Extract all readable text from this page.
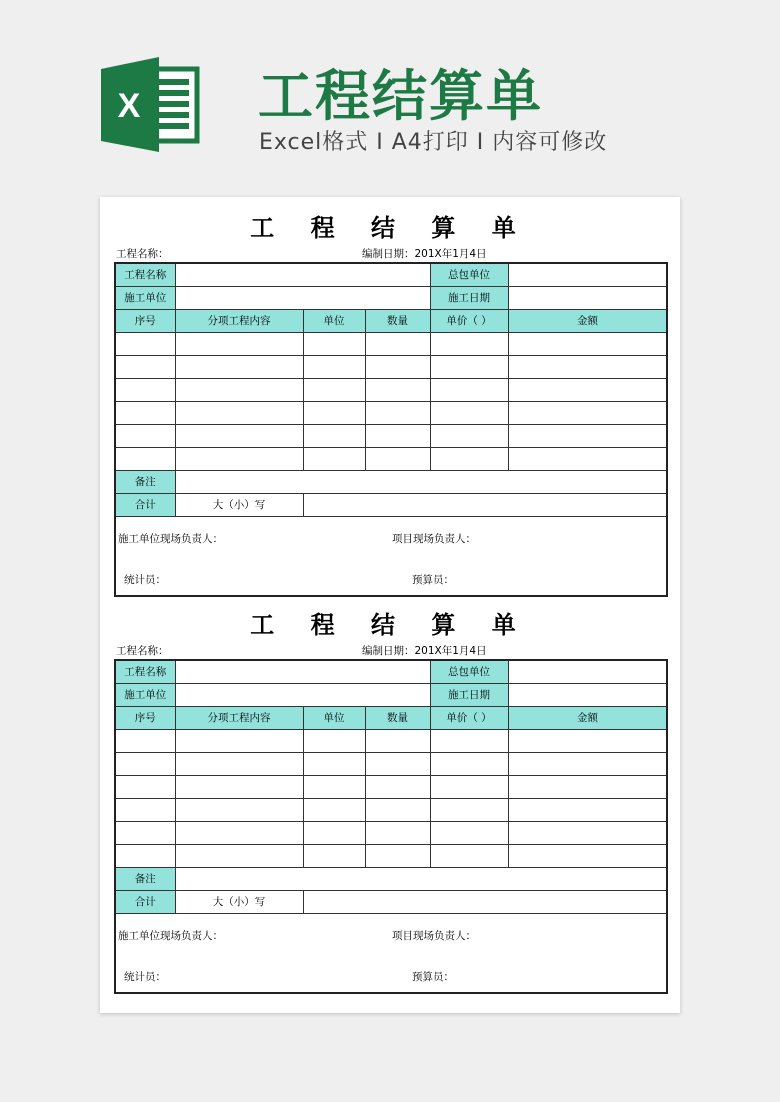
X 工程结算单
Excel格式 I A4打印 I 内容可修改
工 程 结 算 单
工程名称：	编制日期：201X年1月4日
工程名称				总包单位	
施工单位				施工日期	
序号	分项工程内容	单位	数量	单价（ ）	金额

备注					
合计	大（小）写				

施工单位现场负责人： 项目现场负责人：
统计员： 预算员：					
工 程 结 算 单
工程名称：	编制日期：201X年1月4日
工程名称				总包单位	
施工单位				施工日期	
序号	分项工程内容	单位	数量	单价（ ）	金额

备注					
合计	大（小）写				

施工单位现场负责人： 项目现场负责人：
统计员： 预算员：					
